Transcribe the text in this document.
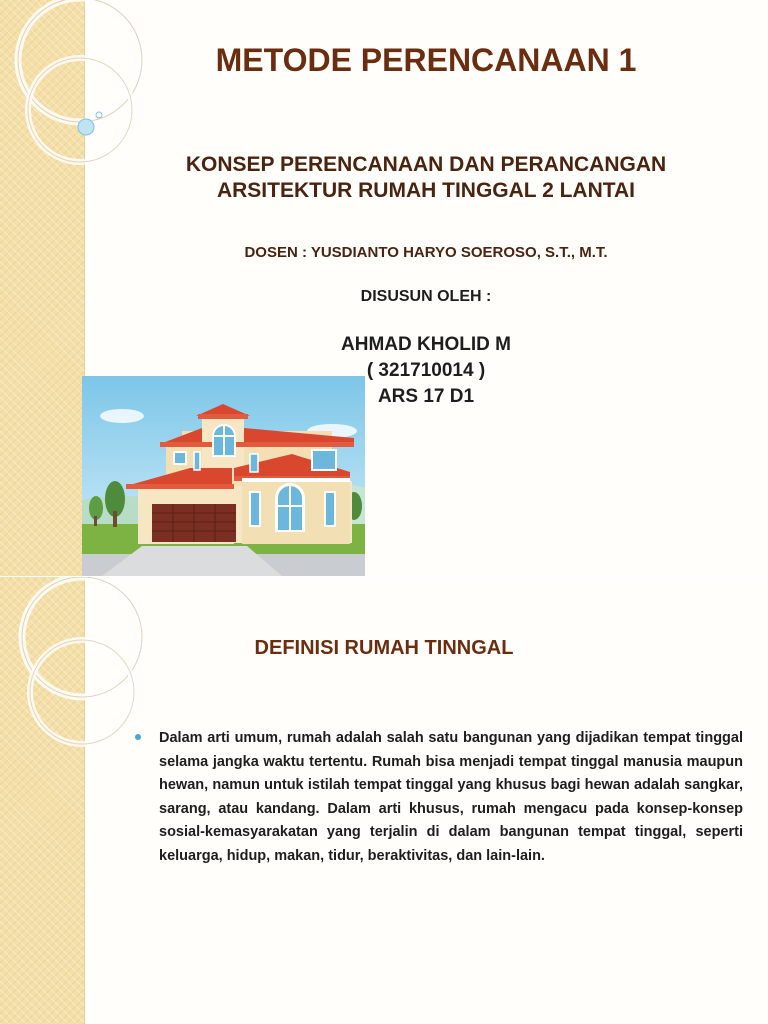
METODE PERENCANAAN 1
KONSEP PERENCANAAN DAN PERANCANGAN
ARSITEKTUR RUMAH TINGGAL 2 LANTAI
DOSEN : YUSDIANTO HARYO SOEROSO, S.T., M.T.
DISUSUN OLEH :
AHMAD KHOLID M
( 321710014 )
ARS 17 D1
DEFINISI RUMAH TINNGAL

Dalam arti umum, rumah adalah salah satu bangunan yang dijadikan tempat tinggal selama jangka waktu tertentu. Rumah bisa menjadi tempat tinggal manusia maupun hewan, namun untuk istilah tempat tinggal yang khusus bagi hewan adalah sangkar, sarang, atau kandang. Dalam arti khusus, rumah mengacu pada konsep-konsep sosial-kemasyarakatan yang terjalin di dalam bangunan tempat tinggal, seperti keluarga, hidup, makan, tidur, beraktivitas, dan lain-lain.
